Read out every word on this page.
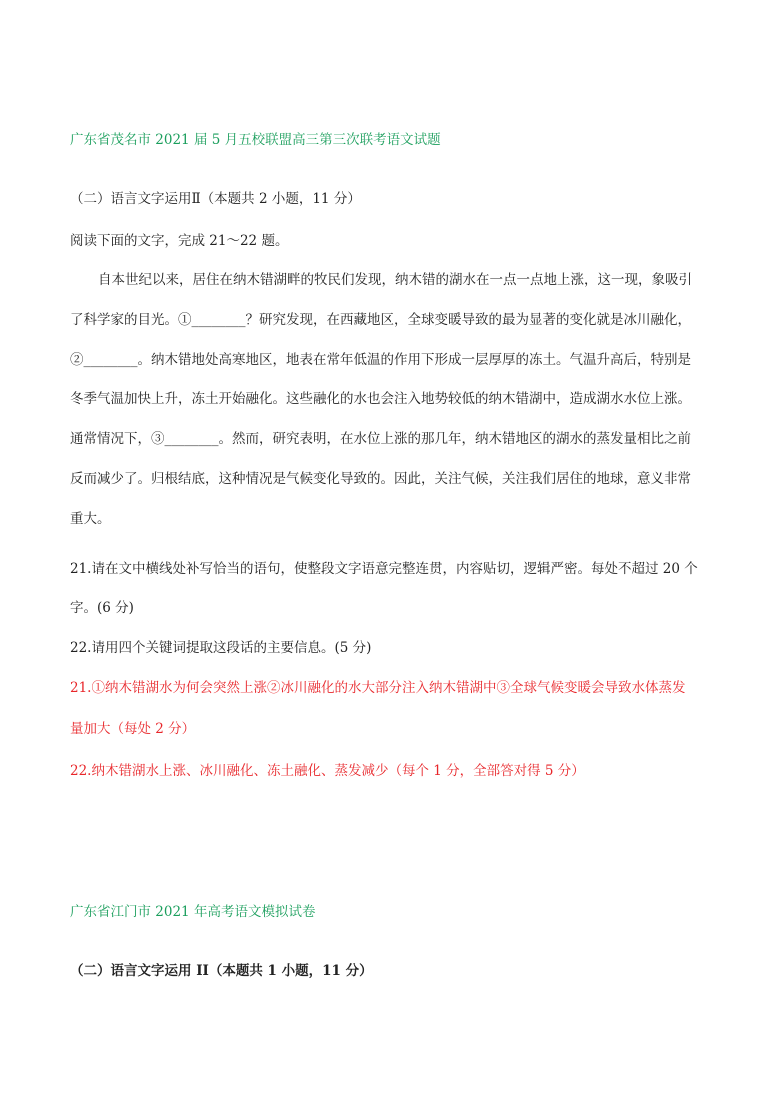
广东省茂名市 2021 届 5 月五校联盟高三第三次联考语文试题
（二）语言文字运用Ⅱ（本题共 2 小题，11 分）
阅读下面的文字，完成 21～22 题。
自本世纪以来，居住在纳木错湖畔的牧民们发现，纳木错的湖水在一点一点地上涨，这一现，象吸引
了科学家的目光。①________？研究发现，在西藏地区，全球变暖导致的最为显著的变化就是冰川融化，
②________。纳木错地处高寒地区，地表在常年低温的作用下形成一层厚厚的冻土。气温升高后，特别是
冬季气温加快上升，冻土开始融化。这些融化的水也会注入地势较低的纳木错湖中，造成湖水水位上涨。
通常情况下，③________。然而，研究表明，在水位上涨的那几年，纳木错地区的湖水的蒸发量相比之前
反而减少了。归根结底，这种情况是气候变化导致的。因此，关注气候，关注我们居住的地球，意义非常
重大。
21.请在文中横线处补写恰当的语句，使整段文字语意完整连贯，内容贴切，逻辑严密。每处不超过 20 个
字。(6 分)
22.请用四个关键词提取这段话的主要信息。(5 分)
21.①纳木错湖水为何会突然上涨②冰川融化的水大部分注入纳木错湖中③全球气候变暖会导致水体蒸发
量加大（每处 2 分）
22.纳木错湖水上涨、冰川融化、冻土融化、蒸发减少（每个 1 分，全部答对得 5 分）
广东省江门市 2021 年高考语文模拟试卷
（二）语言文字运用 II（本题共 1 小题，11 分）
